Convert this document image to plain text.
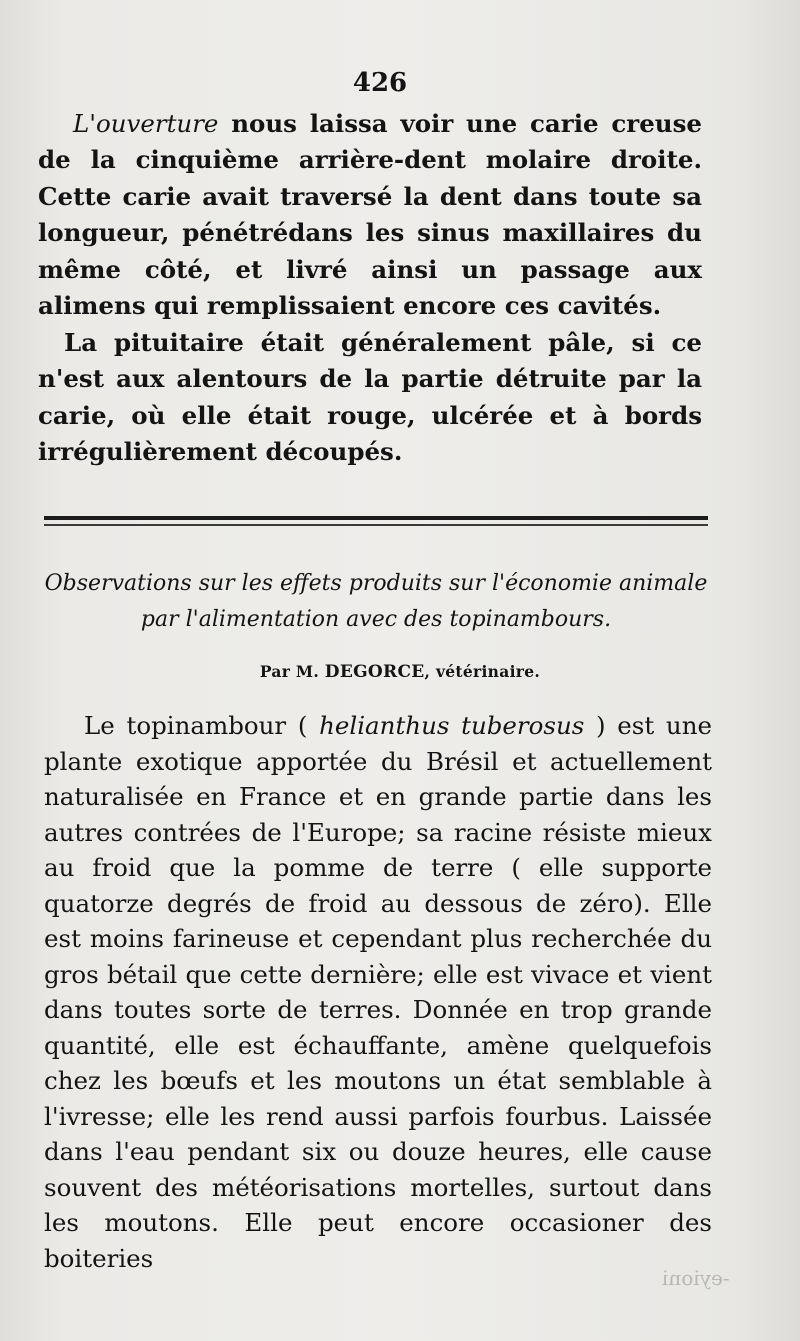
426

L'ouverture nous laissa voir une carie creuse de la cinquième arrière-dent molaire droite. Cette carie avait traversé la dent dans toute sa longueur, pénétrédans les sinus maxillaires du même côté, et livré ainsi un passage aux alimens qui remplissaient encore ces cavités.

La pituitaire était généralement pâle, si ce n'est aux alentours de la partie détruite par la carie, où elle était rouge, ulcérée et à bords irrégulièrement découpés.

Observations sur les effets produits sur l'économie animale par l'alimentation avec des topinambours.

Par M. DEGORCE, vétérinaire.

Le topinambour ( helianthus tuberosus ) est une plante exotique apportée du Brésil et actuellement naturalisée en France et en grande partie dans les autres contrées de l'Europe; sa racine résiste mieux au froid que la pomme de terre ( elle supporte quatorze degrés de froid au dessous de zéro). Elle est moins farineuse et cependant plus recherchée du gros bétail que cette dernière; elle est vivace et vient dans toutes sorte de terres. Donnée en trop grande quantité, elle est échauffante, amène quelquefois chez les bœufs et les moutons un état semblable à l'ivresse; elle les rend aussi parfois fourbus. Laissée dans l'eau pendant six ou douze heures, elle cause souvent des météorisations mortelles, surtout dans les moutons. Elle peut encore occasioner des boiteries

-eyioni
